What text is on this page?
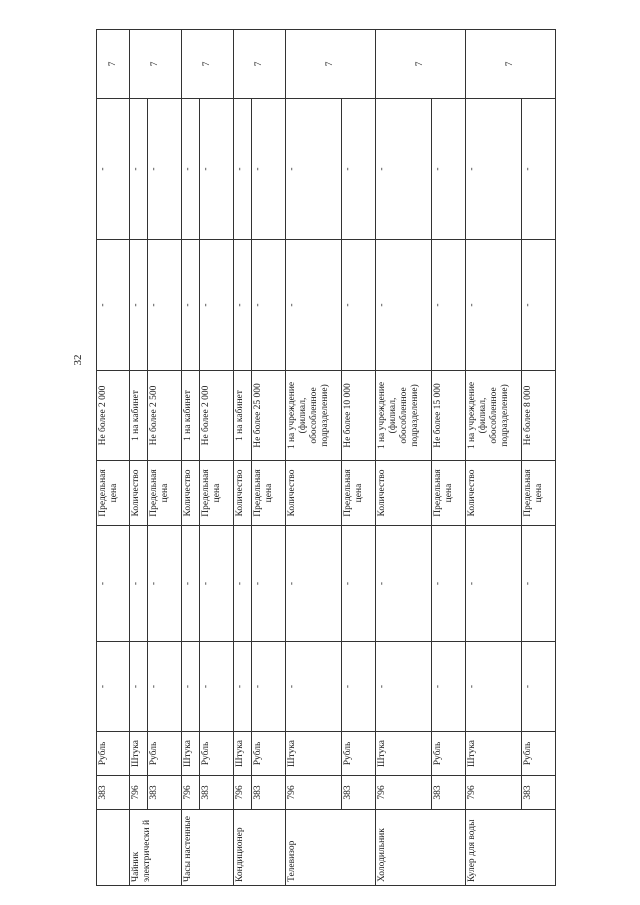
32
	383	Рубль	-	-	Предельная цена	Не более 2 000	-	-	7
Чайник электрически й	796	Штука	-	-	Количество	1 на кабинет	-	-	7
	383	Рубль	-	-	Предельная цена	Не более 2 500	-	-	
Часы настенные	796	Штука	-	-	Количество	1 на кабинет	-	-	7
	383	Рубль	-	-	Предельная цена	Не более 2 000	-	-	
Кондиционер	796	Штука	-	-	Количество	1 на кабинет	-	-	7
	383	Рубль	-	-	Предельная цена	Не более 25 000	-	-	
Телевизор	796	Штука	-	-	Количество	1 на учреждение (филиал, обособленное подразделение)	-	-	7
	383	Рубль	-	-	Предельная цена	Не более 10 000	-	-	
Холодильник	796	Штука	-	-	Количество	1 на учреждение (филиал, обособленное подразделение)	-	-	7
	383	Рубль	-	-	Предельная цена	Не более 15 000	-	-	
Кулер для воды	796	Штука	-	-	Количество	1 на учреждение (филиал, обособленное подразделение)	-	-	7
	383	Рубль	-	-	Предельная цена	Не более 8 000	-	-	
